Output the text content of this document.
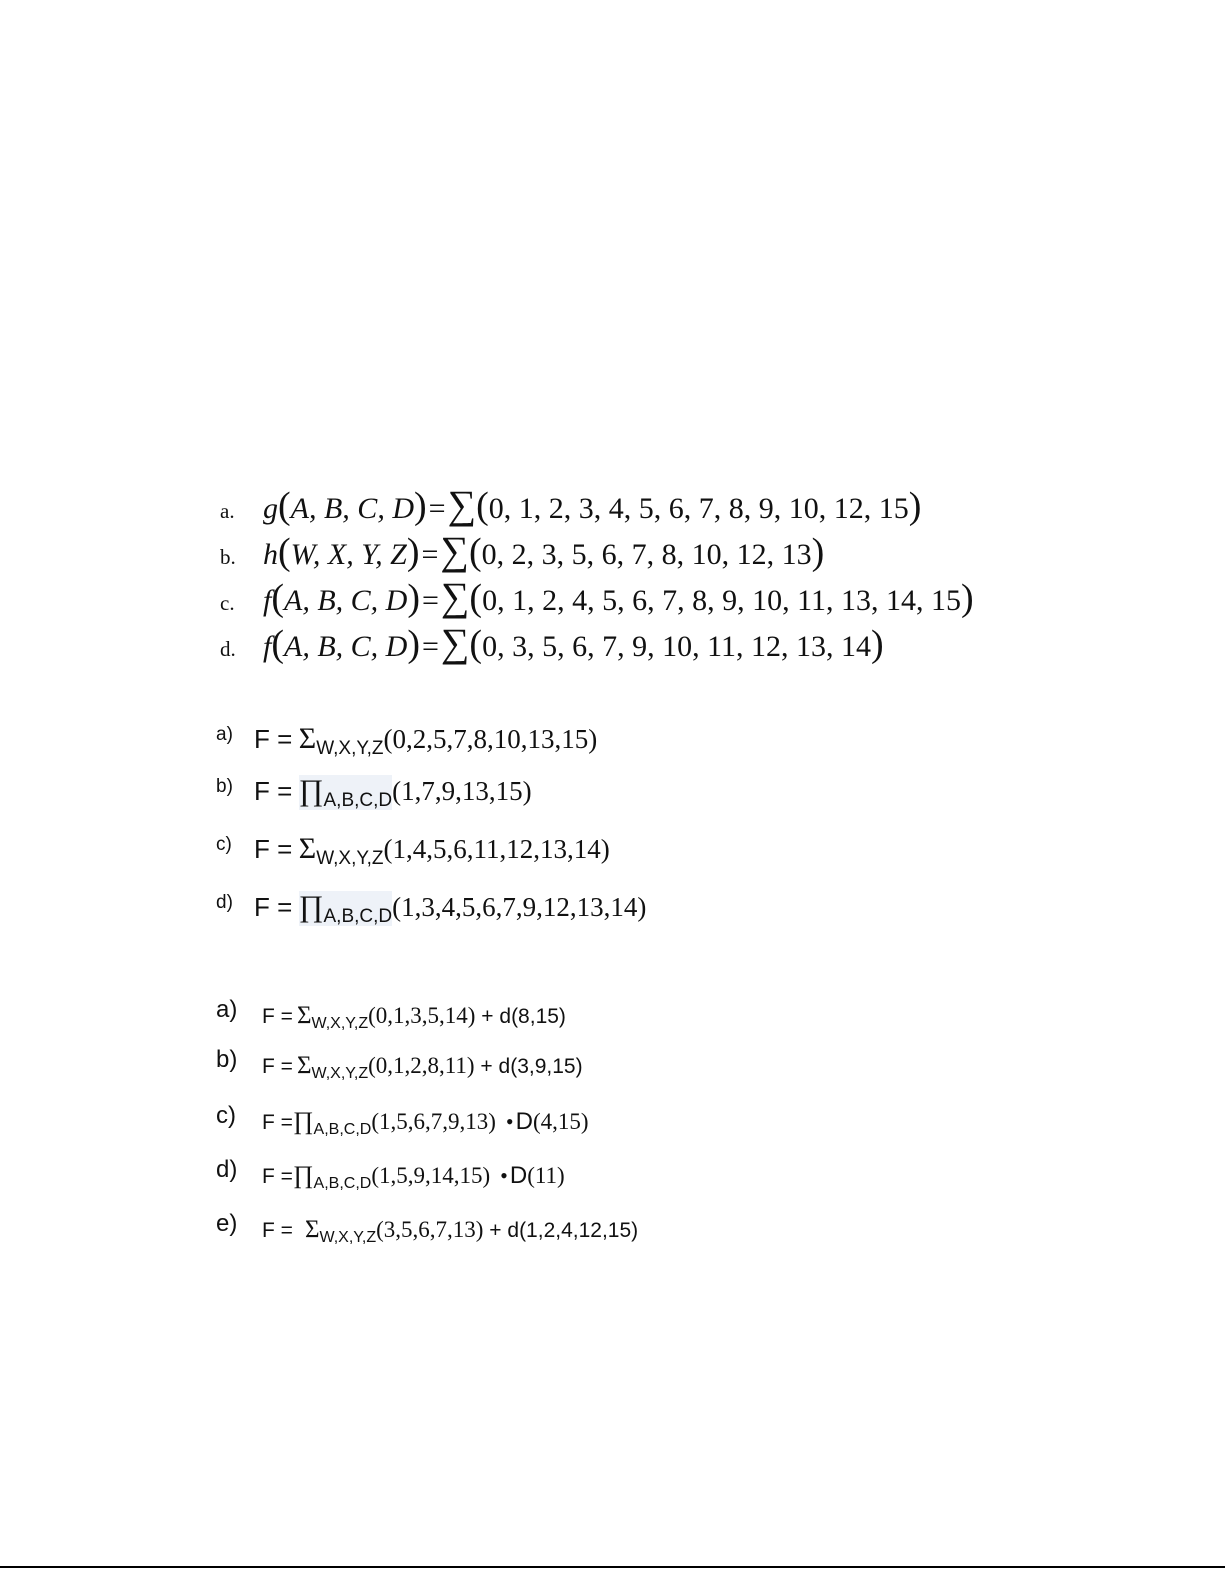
a. g(A, B, C, D)=∑(0, 1, 2, 3, 4, 5, 6, 7, 8, 9, 10, 12, 15)
b. h(W, X, Y, Z)=∑(0, 2, 3, 5, 6, 7, 8, 10, 12, 13)
c. f(A, B, C, D)=∑(0, 1, 2, 4, 5, 6, 7, 8, 9, 10, 11, 13, 14, 15)
d. f(A, B, C, D)=∑(0, 3, 5, 6, 7, 9, 10, 11, 12, 13, 14)
a) $F = \Sigma_{W,X,Y,Z}(0,2,5,7,8,10,13,15)$
b) $F = \prod_{A,B,C,D}(1,7,9,13,15)$
c) $F = \Sigma_{W,X,Y,Z}(1,4,5,6,11,12,13,14)$
d) $F = \prod_{A,B,C,D}(1,3,4,5,6,7,9,12,13,14)$
a) F = ΣW,X,Y,Z(0,1,3,5,14) + d(8,15)
b) F = ΣW,X,Y,Z(0,1,2,8,11) + d(3,9,15)
c) F =∏A,B,C,D(1,5,6,7,9,13) •D(4,15)
d) F =∏A,B,C,D(1,5,9,14,15) •D(11)
e) F = ΣW,X,Y,Z(3,5,6,7,13) + d(1,2,4,12,15)
